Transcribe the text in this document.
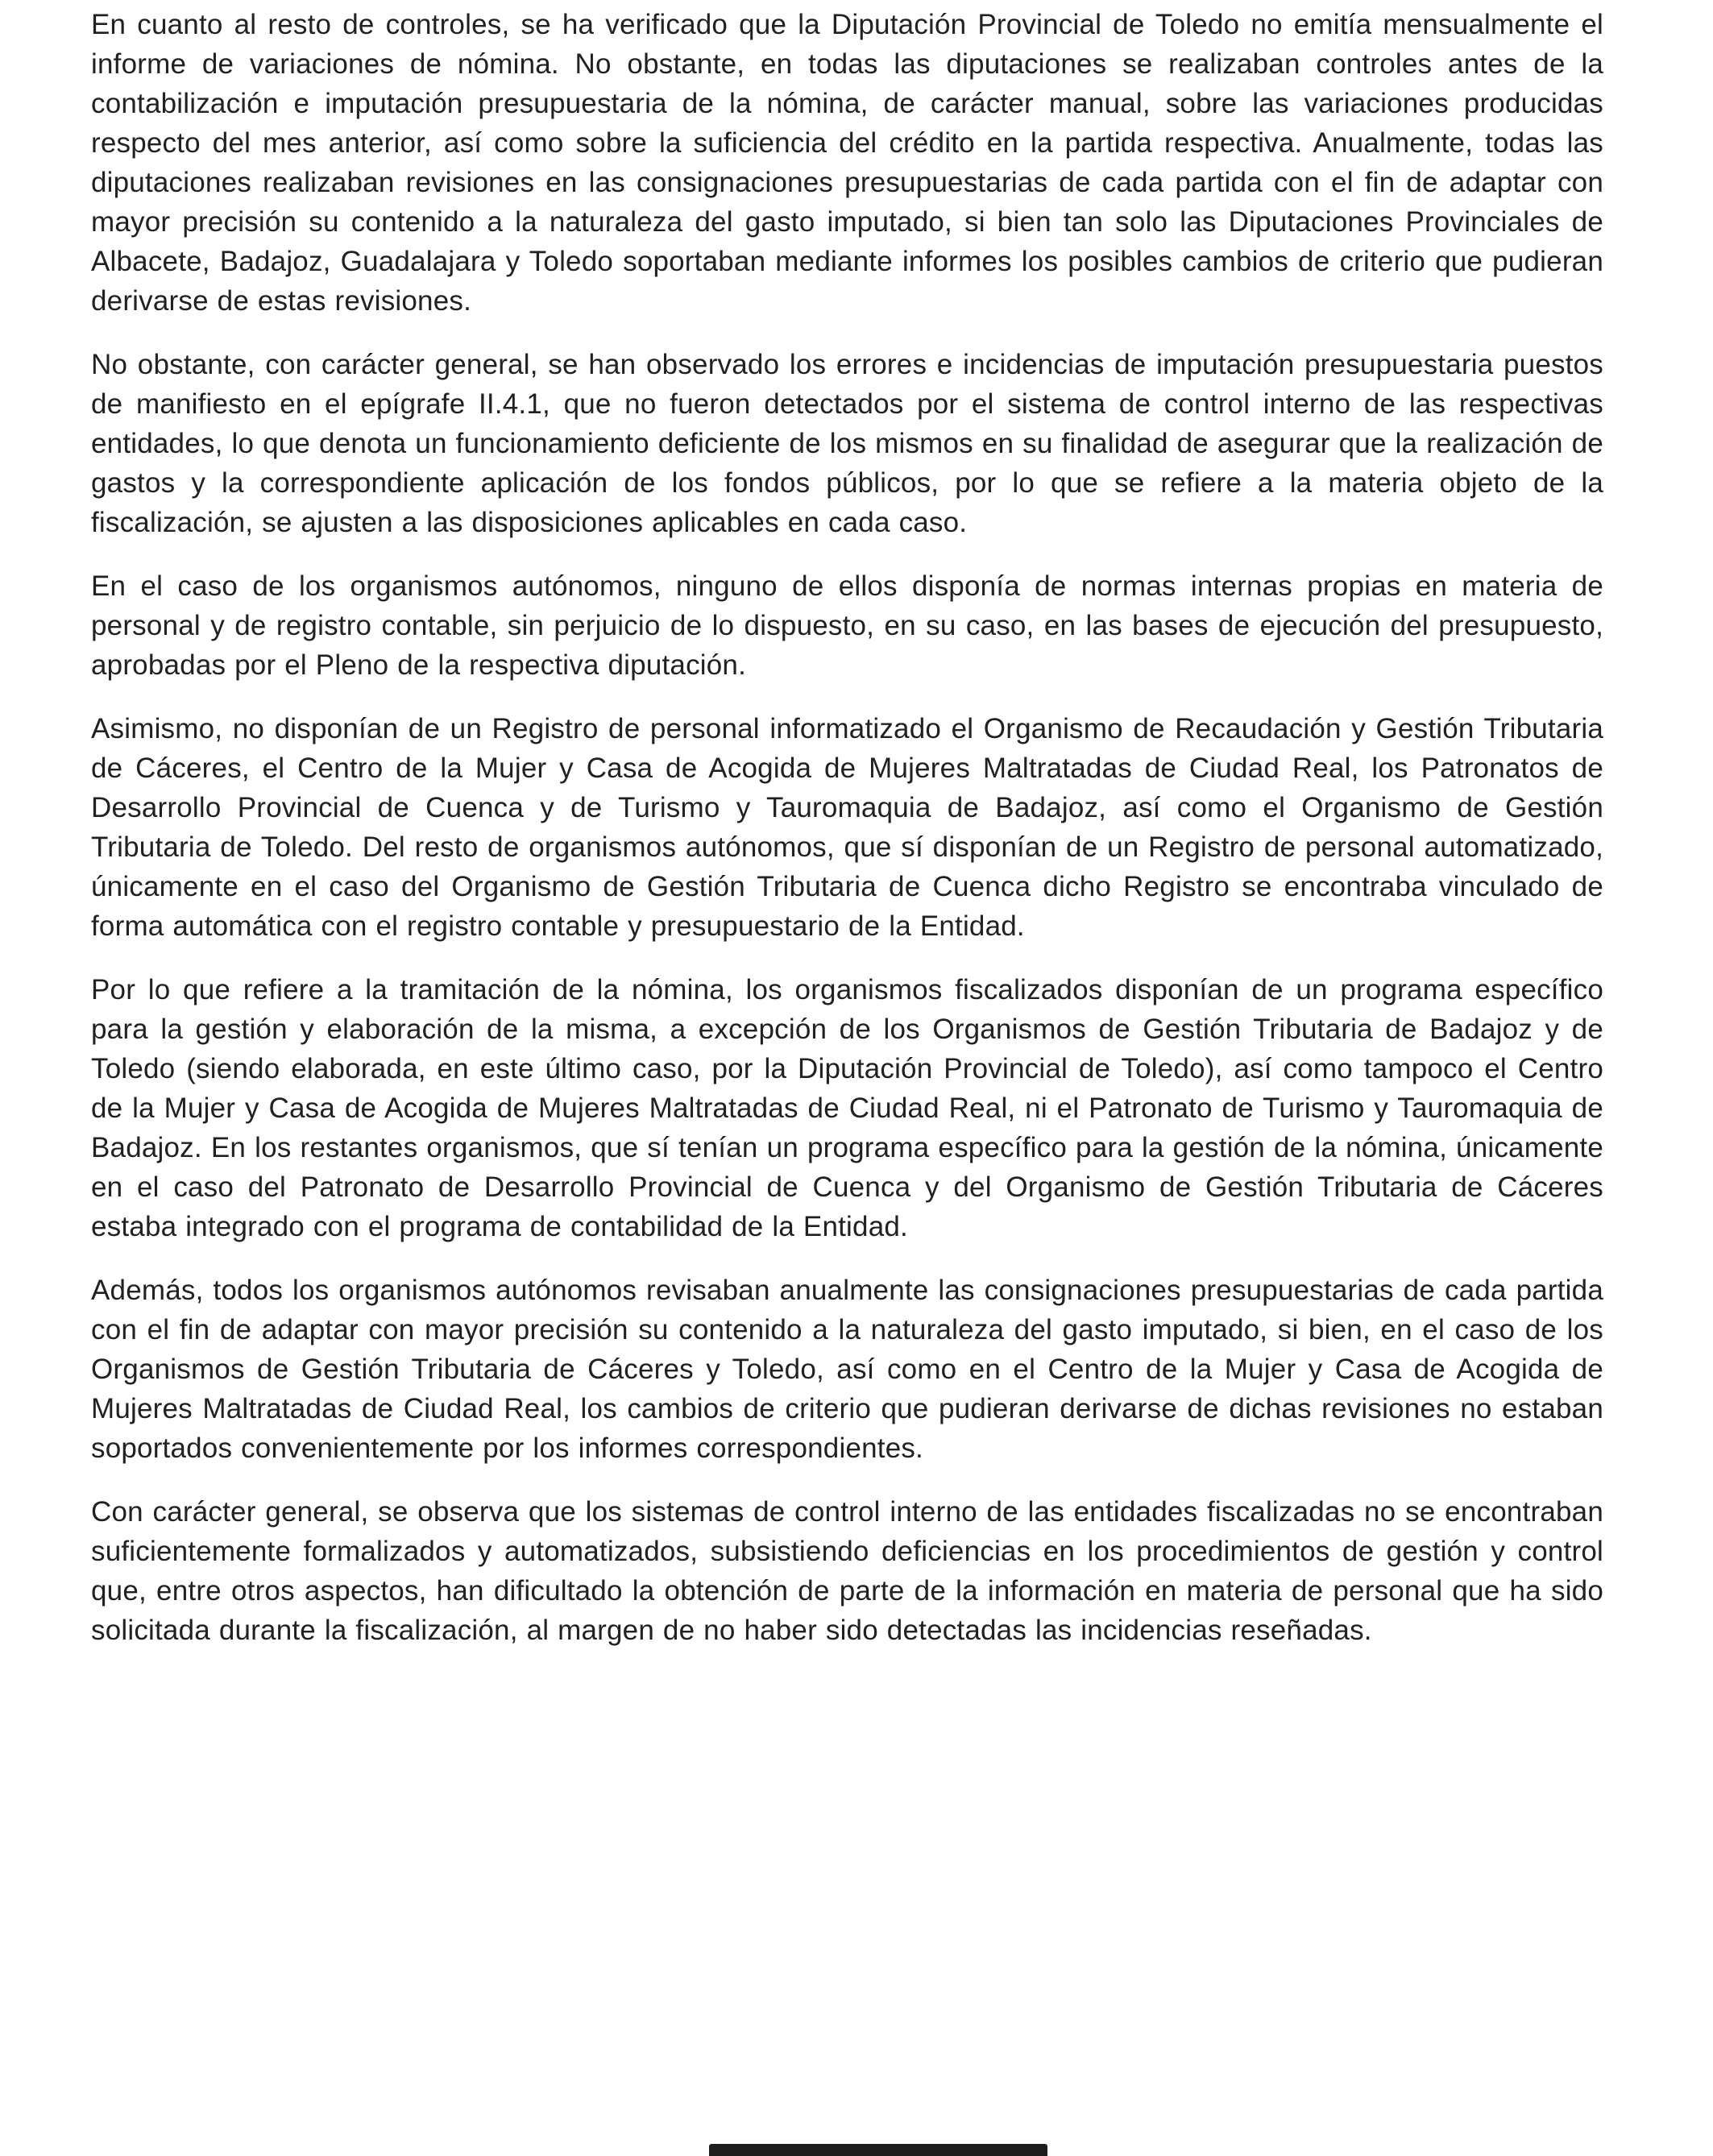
En cuanto al resto de controles, se ha verificado que la Diputación Provincial de Toledo no emitía mensualmente el informe de variaciones de nómina. No obstante, en todas las diputaciones se realizaban controles antes de la contabilización e imputación presupuestaria de la nómina, de carácter manual, sobre las variaciones producidas respecto del mes anterior, así como sobre la suficiencia del crédito en la partida respectiva. Anualmente, todas las diputaciones realizaban revisiones en las consignaciones presupuestarias de cada partida con el fin de adaptar con mayor precisión su contenido a la naturaleza del gasto imputado, si bien tan solo las Diputaciones Provinciales de Albacete, Badajoz, Guadalajara y Toledo soportaban mediante informes los posibles cambios de criterio que pudieran derivarse de estas revisiones.

No obstante, con carácter general, se han observado los errores e incidencias de imputación presupuestaria puestos de manifiesto en el epígrafe II.4.1, que no fueron detectados por el sistema de control interno de las respectivas entidades, lo que denota un funcionamiento deficiente de los mismos en su finalidad de asegurar que la realización de gastos y la correspondiente aplicación de los fondos públicos, por lo que se refiere a la materia objeto de la fiscalización, se ajusten a las disposiciones aplicables en cada caso.

En el caso de los organismos autónomos, ninguno de ellos disponía de normas internas propias en materia de personal y de registro contable, sin perjuicio de lo dispuesto, en su caso, en las bases de ejecución del presupuesto, aprobadas por el Pleno de la respectiva diputación.

Asimismo, no disponían de un Registro de personal informatizado el Organismo de Recaudación y Gestión Tributaria de Cáceres, el Centro de la Mujer y Casa de Acogida de Mujeres Maltratadas de Ciudad Real, los Patronatos de Desarrollo Provincial de Cuenca y de Turismo y Tauromaquia de Badajoz, así como el Organismo de Gestión Tributaria de Toledo. Del resto de organismos autónomos, que sí disponían de un Registro de personal automatizado, únicamente en el caso del Organismo de Gestión Tributaria de Cuenca dicho Registro se encontraba vinculado de forma automática con el registro contable y presupuestario de la Entidad.

Por lo que refiere a la tramitación de la nómina, los organismos fiscalizados disponían de un programa específico para la gestión y elaboración de la misma, a excepción de los Organismos de Gestión Tributaria de Badajoz y de Toledo (siendo elaborada, en este último caso, por la Diputación Provincial de Toledo), así como tampoco el Centro de la Mujer y Casa de Acogida de Mujeres Maltratadas de Ciudad Real, ni el Patronato de Turismo y Tauromaquia de Badajoz. En los restantes organismos, que sí tenían un programa específico para la gestión de la nómina, únicamente en el caso del Patronato de Desarrollo Provincial de Cuenca y del Organismo de Gestión Tributaria de Cáceres estaba integrado con el programa de contabilidad de la Entidad.

Además, todos los organismos autónomos revisaban anualmente las consignaciones presupuestarias de cada partida con el fin de adaptar con mayor precisión su contenido a la naturaleza del gasto imputado, si bien, en el caso de los Organismos de Gestión Tributaria de Cáceres y Toledo, así como en el Centro de la Mujer y Casa de Acogida de Mujeres Maltratadas de Ciudad Real, los cambios de criterio que pudieran derivarse de dichas revisiones no estaban soportados convenientemente por los informes correspondientes.

Con carácter general, se observa que los sistemas de control interno de las entidades fiscalizadas no se encontraban suficientemente formalizados y automatizados, subsistiendo deficiencias en los procedimientos de gestión y control que, entre otros aspectos, han dificultado la obtención de parte de la información en materia de personal que ha sido solicitada durante la fiscalización, al margen de no haber sido detectadas las incidencias reseñadas.
